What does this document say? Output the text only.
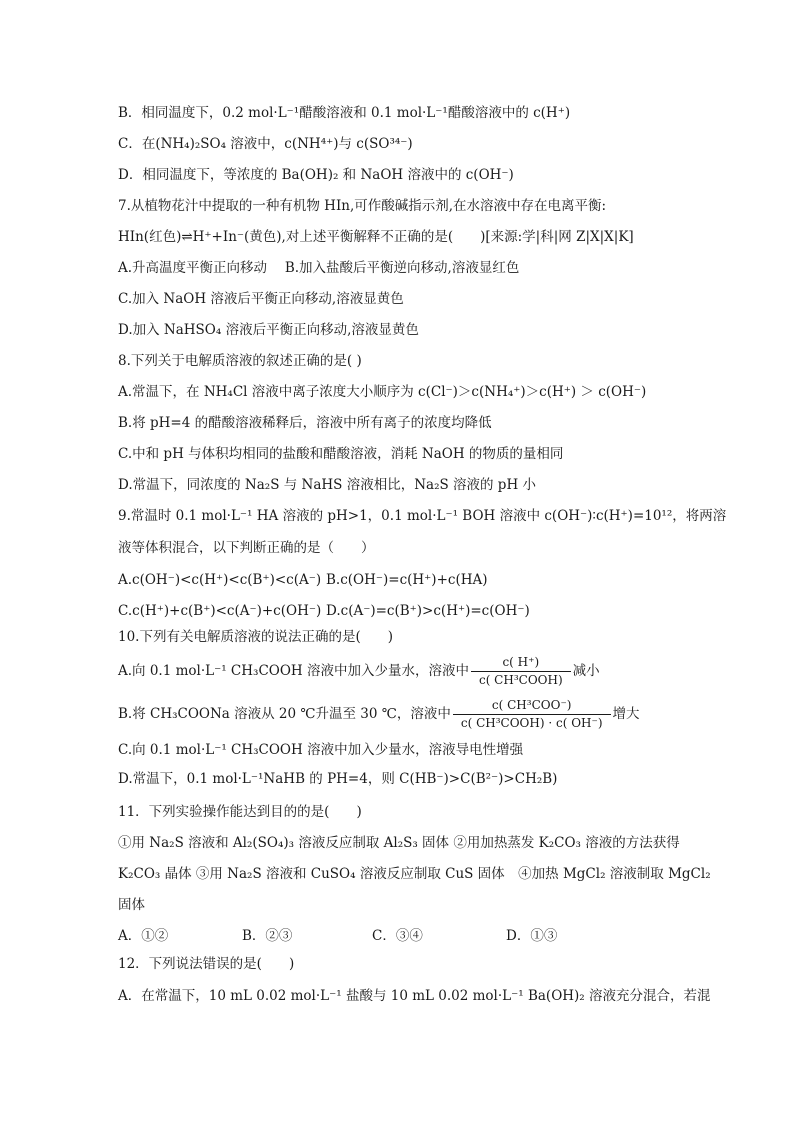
B．相同温度下，0.2 mol·L⁻¹醋酸溶液和 0.1 mol·L⁻¹醋酸溶液中的 c(H⁺)
C．在(NH₄)₂SO₄ 溶液中，c(NH⁴⁺)与 c(SO³⁴⁻)
D．相同温度下，等浓度的 Ba(OH)₂ 和 NaOH 溶液中的 c(OH⁻)
7.从植物花汁中提取的一种有机物 HIn,可作酸碱指示剂,在水溶液中存在电离平衡:
HIn(红色)⇌H⁺+In⁻(黄色),对上述平衡解释不正确的是(　　)[来源:学|科|网 Z|X|X|K]
A.升高温度平衡正向移动　 B.加入盐酸后平衡逆向移动,溶液显红色
C.加入 NaOH 溶液后平衡正向移动,溶液显黄色
D.加入 NaHSO₄ 溶液后平衡正向移动,溶液显黄色
8.下列关于电解质溶液的叙述正确的是( )
A.常温下，在 NH₄Cl 溶液中离子浓度大小顺序为 c(Cl⁻)＞c(NH₄⁺)＞c(H⁺) ＞ c(OH⁻)
B.将 pH=4 的醋酸溶液稀释后，溶液中所有离子的浓度均降低
C.中和 pH 与体积均相同的盐酸和醋酸溶液，消耗 NaOH 的物质的量相同
D.常温下，同浓度的 Na₂S 与 NaHS 溶液相比，Na₂S 溶液的 pH 小
9.常温时 0.1 mol·L⁻¹ HA 溶液的 pH>1，0.1 mol·L⁻¹ BOH 溶液中 c(OH⁻)∶c(H⁺)=10¹²，将两溶
液等体积混合，以下判断正确的是（　　）
A.c(OH⁻)<c(H⁺)<c(B⁺)<c(A⁻) B.c(OH⁻)=c(H⁺)+c(HA)
C.c(H⁺)+c(B⁺)<c(A⁻)+c(OH⁻) D.c(A⁻)=c(B⁺)>c(H⁺)=c(OH⁻)
10.下列有关电解质溶液的说法正确的是(　　)
A.向 0.1 mol·L⁻¹ CH₃COOH 溶液中加入少量水，溶液中 $\frac{c( H^+)}{\text{c( CH³COOH)}}$ 减小
B.将 CH₃COONa 溶液从 20 ℃升温至 30 ℃，溶液中 $\frac{\text{c( CH³COO⁻)}}{\text{c( CH³COOH) · c( OH⁻)}}$ 增大
C.向 0.1 mol·L⁻¹ CH₃COOH 溶液中加入少量水，溶液导电性增强
D.常温下，0.1 mol·L⁻¹NaHB 的 PH=4，则 C(HB⁻)>C(B²⁻)>CH₂B)
11．下列实验操作能达到目的的是(　　)
①用 Na₂S 溶液和 Al₂(SO₄)₃ 溶液反应制取 Al₂S₃ 固体 ②用加热蒸发 K₂CO₃ 溶液的方法获得
K₂CO₃ 晶体 ③用 Na₂S 溶液和 CuSO₄ 溶液反应制取 CuS 固体　④加热 MgCl₂ 溶液制取 MgCl₂
固体
A．①②	B．②③	C．③④	D．①③
12．下列说法错误的是(　　)
A．在常温下，10 mL 0.02 mol·L⁻¹ 盐酸与 10 mL 0.02 mol·L⁻¹ Ba(OH)₂ 溶液充分混合，若混
